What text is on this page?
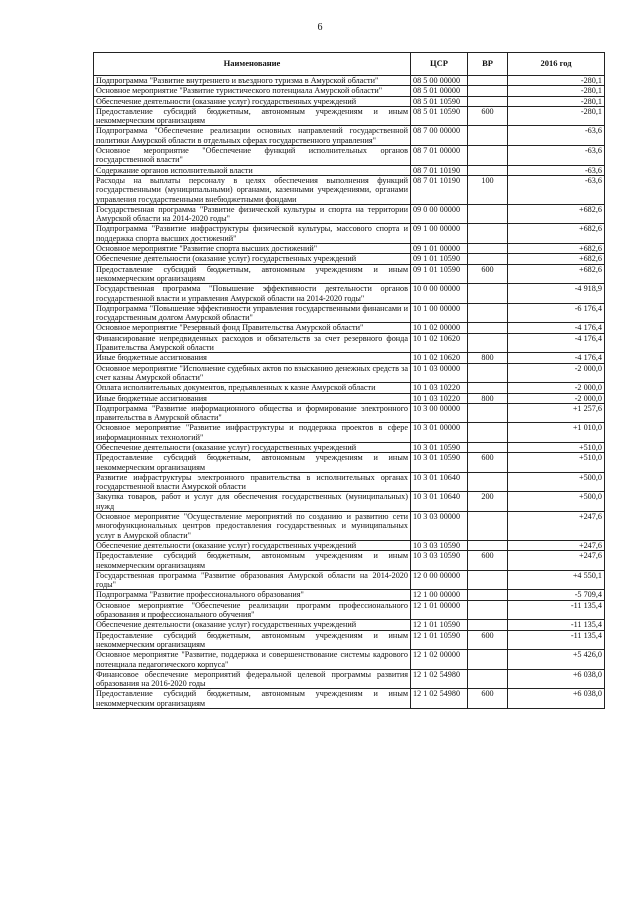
6
Наименование	ЦСР	ВР	2016 год
Подпрограмма "Развитие внутреннего и въездного туризма в Амурской области"	08 5 00 00000		-280,1
Основное мероприятие "Развитие туристического потенциала Амурской области"	08 5 01 00000		-280,1
Обеспечение деятельности (оказание услуг) государственных учреждений	08 5 01 10590		-280,1
Предоставление субсидий бюджетным, автономным учреждениям и иным некоммерческим организациям	08 5 01 10590	600	-280,1
Подпрограмма "Обеспечение реализации основных направлений государственной политики Амурской области в отдельных сферах государственного управления"	08 7 00 00000		-63,6
Основное мероприятие "Обеспечение функций исполнительных органов государственной власти"	08 7 01 00000		-63,6
Содержание органов исполнительной власти	08 7 01 10190		-63,6
Расходы на выплаты персоналу в целях обеспечения выполнения функций государственными (муниципальными) органами, казенными учреждениями, органами управления государственными внебюджетными фондами	08 7 01 10190	100	-63,6
Государственная программа "Развитие физической культуры и спорта на территории Амурской области на 2014-2020 годы"	09 0 00 00000		+682,6
Подпрограмма "Развитие инфраструктуры физической культуры, массового спорта и поддержка спорта высших достижений"	09 1 00 00000		+682,6
Основное мероприятие "Развитие спорта высших достижений"	09 1 01 00000		+682,6
Обеспечение деятельности (оказание услуг) государственных учреждений	09 1 01 10590		+682,6
Предоставление субсидий бюджетным, автономным учреждениям и иным некоммерческим организациям	09 1 01 10590	600	+682,6
Государственная программа "Повышение эффективности деятельности органов государственной власти и управления Амурской области на 2014-2020 годы"	10 0 00 00000		-4 918,9
Подпрограмма "Повышение эффективности управления государственными финансами и государственным долгом Амурской области"	10 1 00 00000		-6 176,4
Основное мероприятие "Резервный фонд Правительства Амурской области"	10 1 02 00000		-4 176,4
Финансирование непредвиденных расходов и обязательств за счет резервного фонда Правительства Амурской области	10 1 02 10620		-4 176,4
Иные бюджетные ассигнования	10 1 02 10620	800	-4 176,4
Основное мероприятие "Исполнение судебных актов по взысканию денежных средств за счет казны Амурской области"	10 1 03 00000		-2 000,0
Оплата исполнительных документов, предъявленных к казне Амурской области	10 1 03 10220		-2 000,0
Иные бюджетные ассигнования	10 1 03 10220	800	-2 000,0
Подпрограмма "Развитие информационного общества и формирование электронного правительства в Амурской области"	10 3 00 00000		+1 257,6
Основное мероприятие "Развитие инфраструктуры и поддержка проектов в сфере информационных технологий"	10 3 01 00000		+1 010,0
Обеспечение деятельности (оказание услуг) государственных учреждений	10 3 01 10590		+510,0
Предоставление субсидий бюджетным, автономным учреждениям и иным некоммерческим организациям	10 3 01 10590	600	+510,0
Развитие инфраструктуры электронного правительства в исполнительных органах государственной власти Амурской области	10 3 01 10640		+500,0
Закупка товаров, работ и услуг для обеспечения государственных (муниципальных) нужд	10 3 01 10640	200	+500,0
Основное мероприятие "Осуществление мероприятий по созданию и развитию сети многофункциональных центров предоставления государственных и муниципальных услуг в Амурской области"	10 3 03 00000		+247,6
Обеспечение деятельности (оказание услуг) государственных учреждений	10 3 03 10590		+247,6
Предоставление субсидий бюджетным, автономным учреждениям и иным некоммерческим организациям	10 3 03 10590	600	+247,6
Государственная программа "Развитие образования Амурской области на 2014-2020 годы"	12 0 00 00000		+4 550,1
Подпрограмма "Развитие профессионального образования"	12 1 00 00000		-5 709,4
Основное мероприятие "Обеспечение реализации программ профессионального образования и профессионального обучения"	12 1 01 00000		-11 135,4
Обеспечение деятельности (оказание услуг) государственных учреждений	12 1 01 10590		-11 135,4
Предоставление субсидий бюджетным, автономным учреждениям и иным некоммерческим организациям	12 1 01 10590	600	-11 135,4
Основное мероприятие "Развитие, поддержка и совершенствование системы кадрового потенциала педагогического корпуса"	12 1 02 00000		+5 426,0
Финансовое обеспечение мероприятий федеральной целевой программы развития образования на 2016-2020 годы	12 1 02 54980		+6 038,0
Предоставление субсидий бюджетным, автономным учреждениям и иным некоммерческим организациям	12 1 02 54980	600	+6 038,0
